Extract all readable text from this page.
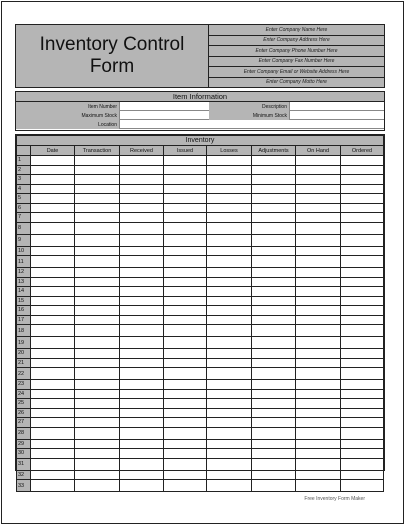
Inventory Control Form
Enter Company Name Here
Enter Company Address Here
Enter Company Phone Number Here
Enter Company Fax Number Here
Enter Company Email or Website Address Here
Enter Company Motto Here
Item Information
Item Number	Description
Maximum Stock	Minimum Stock
Location
Inventory								
	Date	Transaction	Received	Issued	Losses	Adjustments	On Hand	Ordered
1								
2								
3								
4								
5								
6								
7								
8								
9								
10								
11								
12								
13								
14								
15								
16								
17								
18								
19								
20								
21								
22								
23								
24								
25								
26								
27								
28								
29								
30								
31								
32								
33								
Free Inventory Form Maker
